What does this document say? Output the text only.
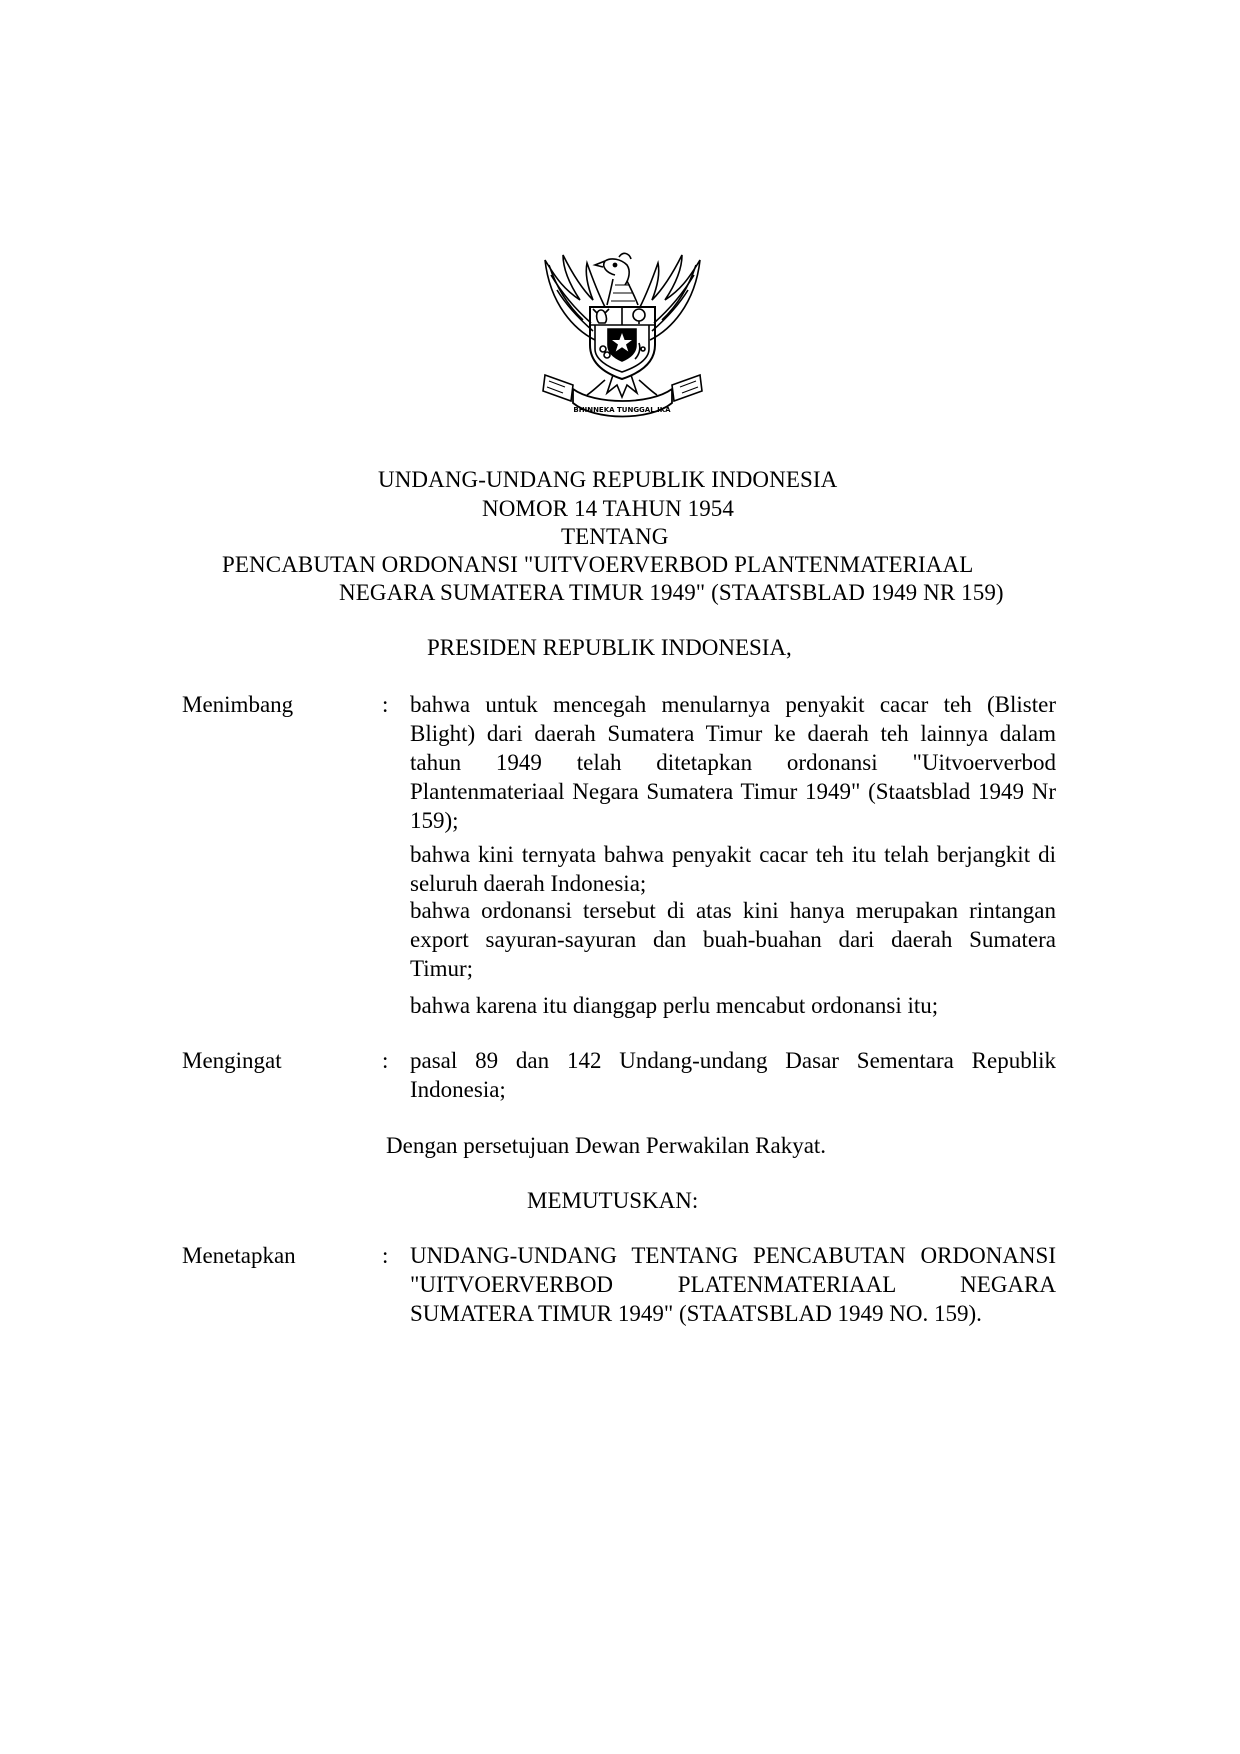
BHINNEKA TUNGGAL IKA
UNDANG-UNDANG REPUBLIK INDONESIA
NOMOR 14 TAHUN 1954
TENTANG
PENCABUTAN ORDONANSI "UITVOERVERBOD PLANTENMATERIAAL
NEGARA SUMATERA TIMUR 1949" (STAATSBLAD 1949 NR 159)
PRESIDEN REPUBLIK INDONESIA,
Menimbang	: bahwa untuk mencegah menularnya penyakit cacar teh (Blister Blight) dari daerah Sumatera Timur ke daerah teh lainnya dalam tahun 1949 telah ditetapkan ordonansi "Uitvoerverbod Plantenmateriaal Negara Sumatera Timur 1949" (Staatsblad 1949 Nr 159);
bahwa kini ternyata bahwa penyakit cacar teh itu telah berjangkit di seluruh daerah Indonesia;
bahwa ordonansi tersebut di atas kini hanya merupakan rintangan export sayuran-sayuran dan buah-buahan dari daerah Sumatera Timur;
bahwa karena itu dianggap perlu mencabut ordonansi itu;
Mengingat	: pasal 89 dan 142 Undang-undang Dasar Sementara Republik Indonesia;
Dengan persetujuan Dewan Perwakilan Rakyat.
MEMUTUSKAN:
Menetapkan	: UNDANG-UNDANG TENTANG PENCABUTAN ORDONANSI "UITVOERVERBOD PLATENMATERIAAL NEGARA SUMATERA TIMUR 1949" (STAATSBLAD 1949 NO. 159).
